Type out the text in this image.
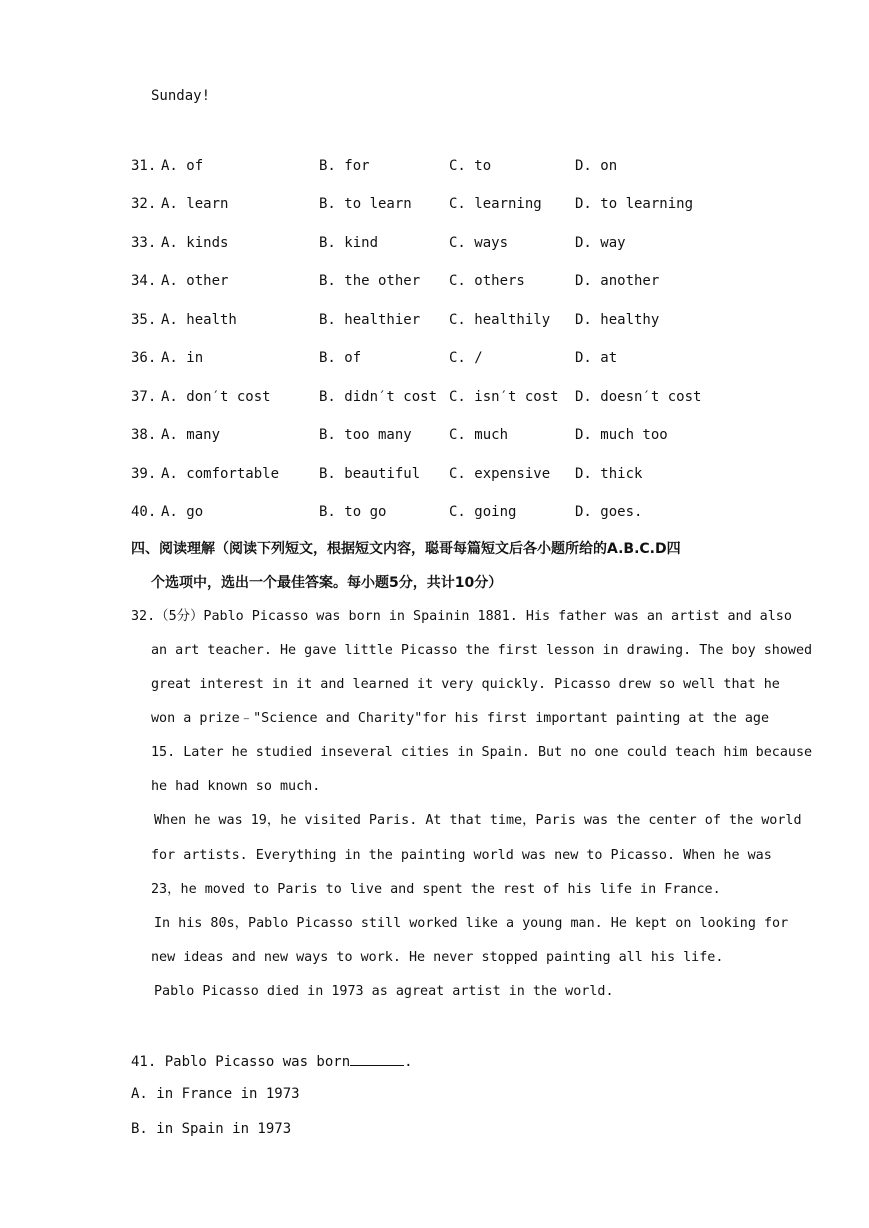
Sunday!
31. A. of	B. for	C. to	D. on
32. A. learn	B. to learn	C. learning D. to learning
33. A. kinds	B. kind	C. ways	D. way
34. A. other	B. the other C. others	D. another
35. A. health	B. healthier C. healthily D. healthy
36. A. in	B. of	C. /	D. at
37. A. don′t cost	B. didn′t cost C. isn′t cost D. doesn′t cost
38. A. many	B. too many	C. much	D. much too
39. A. comfortable	B. beautiful C. expensive D. thick
40. A. go	B. to go	C. going	D. goes.
四、阅读理解（阅读下列短文，根据短文内容，聪哥每篇短文后各小题所给的A.B.C.D四
个选项中，选出一个最佳答案。每小题5分，共计10分）
32.（5分）Pablo Picasso was born in Spainin 1881. His father was an artist and also
an art teacher. He gave little Picasso the first lesson in drawing. The boy showed
great interest in it and learned it very quickly. Picasso drew so well that he
won a prize﹣"Science and Charity"for his first important painting at the age
15. Later he studied inseveral cities in Spain. But no one could teach him because
he had known so much.
When he was 19，he visited Paris. At that time，Paris was the center of the world
for artists. Everything in the painting world was new to Picasso. When he was
23，he moved to Paris to live and spent the rest of his life in France.
In his 80s，Pablo Picasso still worked like a young man. He kept on looking for
new ideas and new ways to work. He never stopped painting all his life.
Pablo Picasso died in 1973 as agreat artist in the world.
41. Pablo Picasso was born	.
A. in France in 1973
B. in Spain in 1973
